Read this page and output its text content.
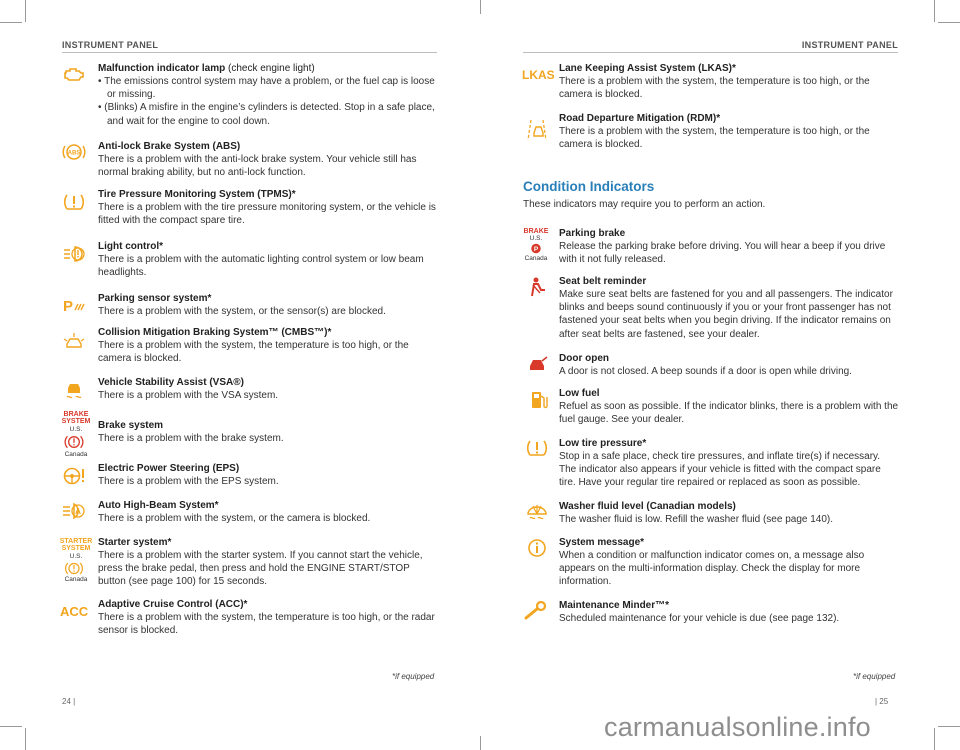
INSTRUMENT PANEL	INSTRUMENT PANEL
Malfunction indicator lamp (check engine light)

• The emissions control system may have a problem, or the fuel cap is loose or missing.

• (Blinks) A misfire in the engine’s cylinders is detected. Stop in a safe place, and wait for the engine to cool down.

ABS
Anti-lock Brake System (ABS)
There is a problem with the anti-lock brake system. Your vehicle still has normal braking ability, but no anti-lock function.
Tire Pressure Monitoring System (TPMS)*
There is a problem with the tire pressure monitoring system, or the vehicle is fitted with the compact spare tire.
Light control*
There is a problem with the automatic lighting control system or low beam headlights.
P Parking sensor system*
There is a problem with the system, or the sensor(s) are blocked.
Collision Mitigation Braking System™ (CMBS™)*
There is a problem with the system, the temperature is too high, or the camera is blocked.
Vehicle Stability Assist (VSA®)
There is a problem with the VSA system.
BRAKE
SYSTEM
U.S.
Canada
Brake system
There is a problem with the brake system.
Electric Power Steering (EPS)
There is a problem with the EPS system.
A
Auto High-Beam System*
There is a problem with the system, or the camera is blocked.
STARTER
SYSTEM
U.S.
Canada
Starter system*
There is a problem with the starter system. If you cannot start the vehicle, press the brake pedal, then press and hold the ENGINE START/STOP button (see page 100) for 15 seconds.
ACC Adaptive Cruise Control (ACC)*
There is a problem with the system, the temperature is too high, or the radar sensor is blocked.
*if equipped
24 |
LKAS Lane Keeping Assist System (LKAS)*
There is a problem with the system, the temperature is too high, or the camera is blocked.
Road Departure Mitigation (RDM)*
There is a problem with the system, the temperature is too high, or the camera is blocked.
Condition Indicators
These indicators may require you to perform an action.
BRAKE
U.S.
P
Canada
Parking brake
Release the parking brake before driving. You will hear a beep if you drive with it not fully released.
Seat belt reminder
Make sure seat belts are fastened for you and all passengers. The indicator blinks and beeps sound continuously if you or your front passenger has not fastened your seat belts when you begin driving. If the indicator remains on after seat belts are fastened, see your dealer.
Door open
A door is not closed. A beep sounds if a door is open while driving.
Low fuel
Refuel as soon as possible. If the indicator blinks, there is a problem with the fuel gauge. See your dealer.
Low tire pressure*
Stop in a safe place, check tire pressures, and inflate tire(s) if necessary. The indicator also appears if your vehicle is fitted with the compact spare tire. Have your regular tire repaired or replaced as soon as possible.
Washer fluid level (Canadian models)
The washer fluid is low. Refill the washer fluid (see page 140).
System message*
When a condition or malfunction indicator comes on, a message also appears on the multi-information display. Check the display for more information.
Maintenance Minder™*
Scheduled maintenance for your vehicle is due (see page 132).
*if equipped
| 25
carmanualsonline.info
